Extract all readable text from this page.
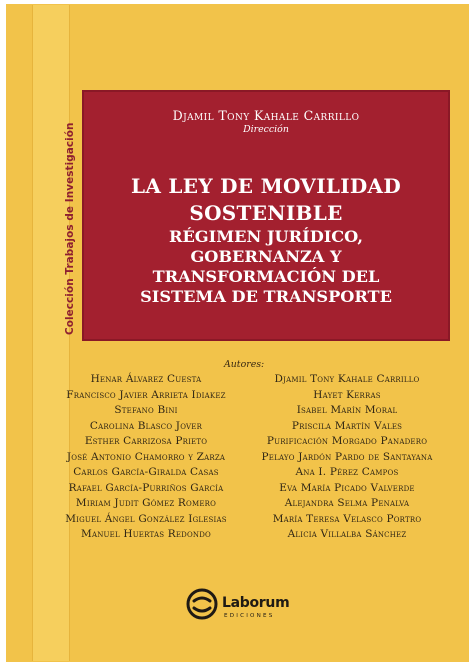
Colección Trabajos de Investigación
Djamil Tony Kahale Carrillo
Dirección
LA LEY DE MOVILIDAD
SOSTENIBLE
RÉGIMEN JURÍDICO,
GOBERNANZA Y
TRANSFORMACIÓN DEL
SISTEMA DE TRANSPORTE
Autores:
Henar Álvarez Cuesta
Francisco Javier Arrieta Idiakez
Stefano Bini
Carolina Blasco Jover
Esther Carrizosa Prieto
José Antonio Chamorro y Zarza
Carlos García-Giralda Casas
Rafael García-Purriños García
Miriam Judit Gómez Romero
Miguel Ángel González Iglesias
Manuel Huertas Redondo
Djamil Tony Kahale Carrillo
Hayet Kerras
Isabel Marín Moral
Priscila Martín Vales
Purificación Morgado Panadero
Pelayo Jardón Pardo de Santayana
Ana I. Pérez Campos
Eva María Picado Valverde
Alejandra Selma Penalva
María Teresa Velasco Portro
Alicia Villalba Sánchez
Laborum
EDICIONES
